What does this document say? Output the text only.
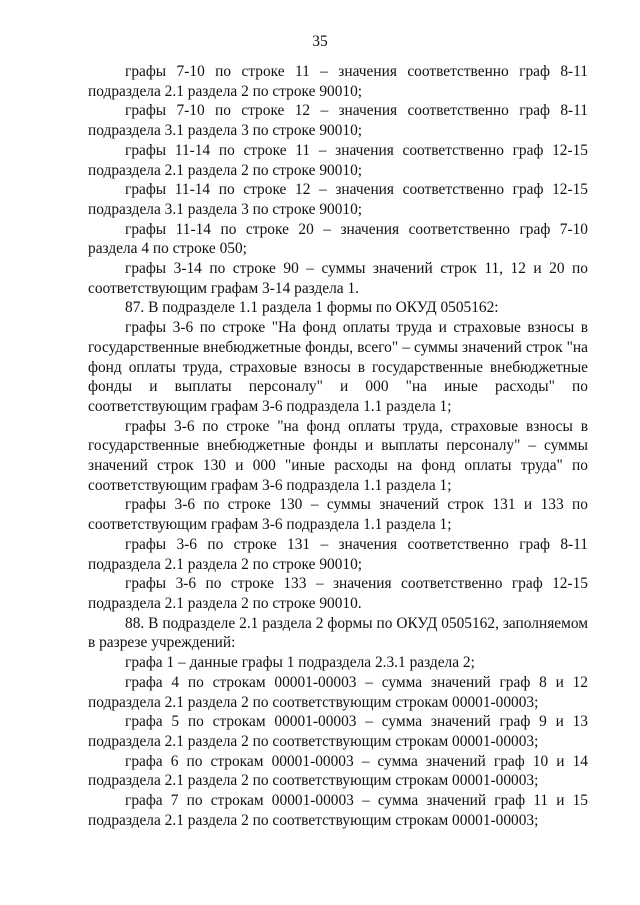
35

графы 7-10 по строке 11 – значения соответственно граф 8-11 подраздела 2.1 раздела 2 по строке 90010;

графы 7-10 по строке 12 – значения соответственно граф 8-11 подраздела 3.1 раздела 3 по строке 90010;

графы 11-14 по строке 11 – значения соответственно граф 12-15 подраздела 2.1 раздела 2 по строке 90010;

графы 11-14 по строке 12 – значения соответственно граф 12-15 подраздела 3.1 раздела 3 по строке 90010;

графы 11-14 по строке 20 – значения соответственно граф 7-10 раздела 4 по строке 050;

графы 3-14 по строке 90 – суммы значений строк 11, 12 и 20 по соответствующим графам 3-14 раздела 1.

87. В подразделе 1.1 раздела 1 формы по ОКУД 0505162:

графы 3-6 по строке "На фонд оплаты труда и страховые взносы в государственные внебюджетные фонды, всего" – суммы значений строк "на фонд оплаты труда, страховые взносы в государственные внебюджетные фонды и выплаты персоналу" и 000 "на иные расходы" по соответствующим графам 3-6 подраздела 1.1 раздела 1;

графы 3-6 по строке "на фонд оплаты труда, страховые взносы в государственные внебюджетные фонды и выплаты персоналу" – суммы значений строк 130 и 000 "иные расходы на фонд оплаты труда" по соответствующим графам 3-6 подраздела 1.1 раздела 1;

графы 3-6 по строке 130 – суммы значений строк 131 и 133 по соответствующим графам 3-6 подраздела 1.1 раздела 1;

графы 3-6 по строке 131 – значения соответственно граф 8-11 подраздела 2.1 раздела 2 по строке 90010;

графы 3-6 по строке 133 – значения соответственно граф 12-15 подраздела 2.1 раздела 2 по строке 90010.

88. В подразделе 2.1 раздела 2 формы по ОКУД 0505162, заполняемом в разрезе учреждений:

графа 1 – данные графы 1 подраздела 2.3.1 раздела 2;

графа 4 по строкам 00001-00003 – сумма значений граф 8 и 12 подраздела 2.1 раздела 2 по соответствующим строкам 00001-00003;

графа 5 по строкам 00001-00003 – сумма значений граф 9 и 13 подраздела 2.1 раздела 2 по соответствующим строкам 00001-00003;

графа 6 по строкам 00001-00003 – сумма значений граф 10 и 14 подраздела 2.1 раздела 2 по соответствующим строкам 00001-00003;

графа 7 по строкам 00001-00003 – сумма значений граф 11 и 15 подраздела 2.1 раздела 2 по соответствующим строкам 00001-00003;
